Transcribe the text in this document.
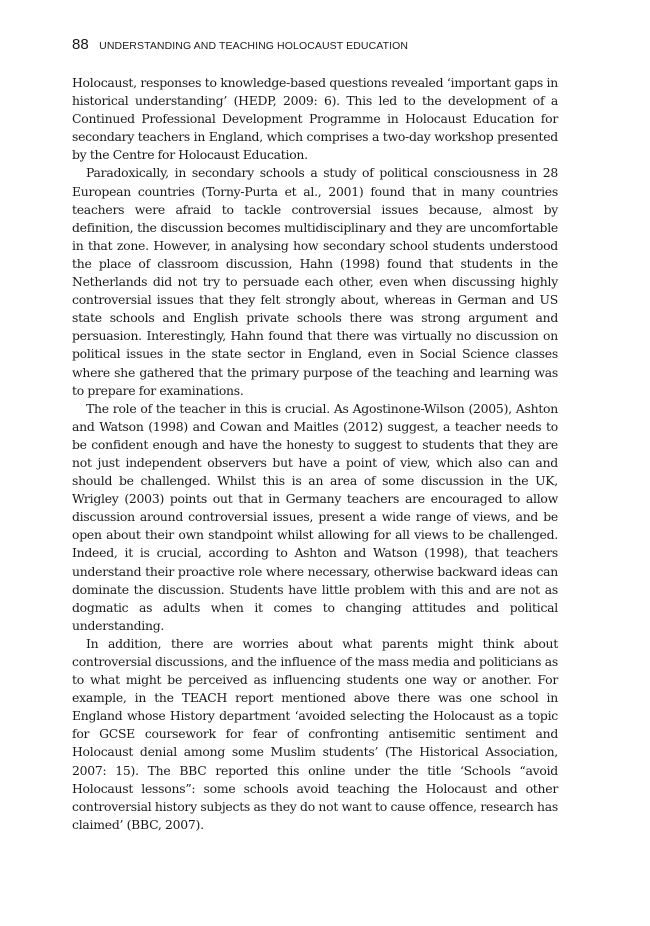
88 UNDERSTANDING AND TEACHING HOLOCAUST EDUCATION

Holocaust, responses to knowledge-based questions revealed ‘important gaps in historical understanding’ (HEDP, 2009: 6). This led to the development of a Continued Professional Development Programme in Holocaust Education for secondary teachers in England, which comprises a two-day workshop presented by the Centre for Holocaust Education.

Paradoxically, in secondary schools a study of political consciousness in 28 European countries (Torny-Purta et al., 2001) found that in many countries teachers were afraid to tackle controversial issues because, almost by definition, the discussion becomes multidisciplinary and they are uncomfortable in that zone. However, in analysing how secondary school students understood the place of classroom discussion, Hahn (1998) found that students in the Netherlands did not try to persuade each other, even when discussing highly controversial issues that they felt strongly about, whereas in German and US state schools and English private schools there was strong argument and persuasion. Interestingly, Hahn found that there was virtually no discussion on political issues in the state sector in England, even in Social Science classes where she gathered that the primary purpose of the teaching and learning was to prepare for examinations.

The role of the teacher in this is crucial. As Agostinone-Wilson (2005), Ashton and Watson (1998) and Cowan and Maitles (2012) suggest, a teacher needs to be confident enough and have the honesty to suggest to students that they are not just independent observers but have a point of view, which also can and should be challenged. Whilst this is an area of some discussion in the UK, Wrigley (2003) points out that in Germany teachers are encouraged to allow discussion around controversial issues, present a wide range of views, and be open about their own standpoint whilst allowing for all views to be challenged. Indeed, it is crucial, according to Ashton and Watson (1998), that teachers understand their proactive role where necessary, otherwise backward ideas can dominate the discussion. Students have little problem with this and are not as dogmatic as adults when it comes to changing attitudes and political understanding.

In addition, there are worries about what parents might think about controversial discussions, and the influence of the mass media and politicians as to what might be perceived as influencing students one way or another. For example, in the TEACH report mentioned above there was one school in England whose History department ‘avoided selecting the Holocaust as a topic for GCSE coursework for fear of confronting antisemitic sentiment and Holocaust denial among some Muslim students’ (The Historical Association, 2007: 15). The BBC reported this online under the title ‘Schools “avoid Holocaust lessons”: some schools avoid teaching the Holocaust and other controversial history subjects as they do not want to cause offence, research has claimed’ (BBC, 2007).
